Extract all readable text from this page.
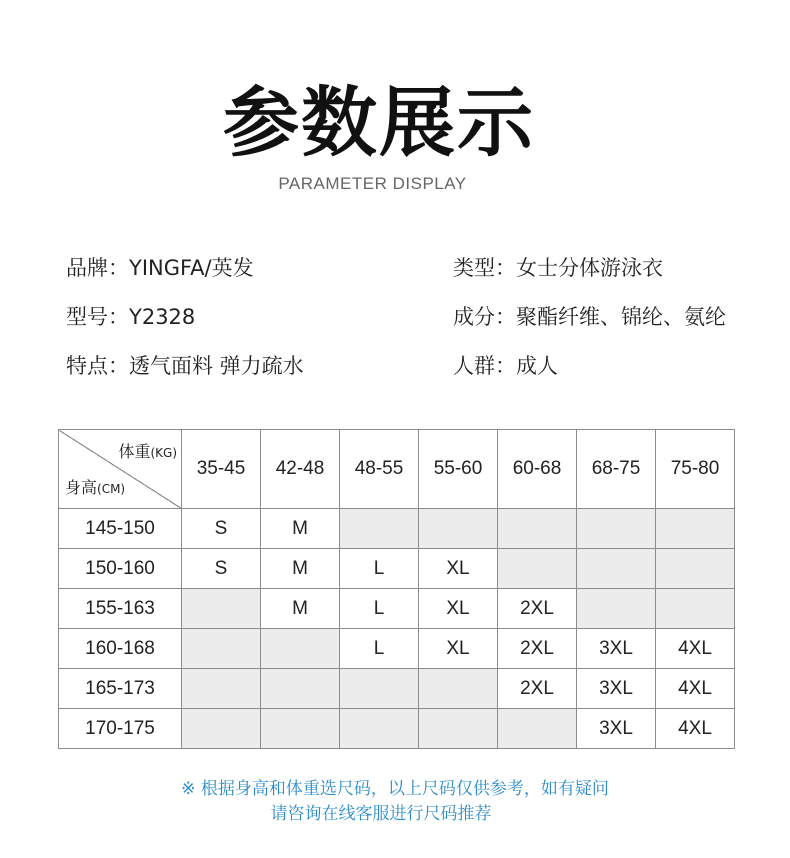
参数展示
PARAMETER DISPLAY
品牌：YINGFA/英发	类型：女士分体游泳衣
型号：Y2328	成分：聚酯纤维、锦纶、氨纶
特点：透气面料 弹力疏水	人群：成人
体重(KG)
身高(CM)	35-45	42-48	48-55	55-60	60-68	68-75	75-80
145-150	S	M					
150-160	S	M	L	XL			
155-163		M	L	XL	2XL		
160-168			L	XL	2XL	3XL	4XL
165-173					2XL	3XL	4XL
170-175						3XL	4XL
※ 根据身高和体重选尺码，以上尺码仅供参考，如有疑问
请咨询在线客服进行尺码推荐
